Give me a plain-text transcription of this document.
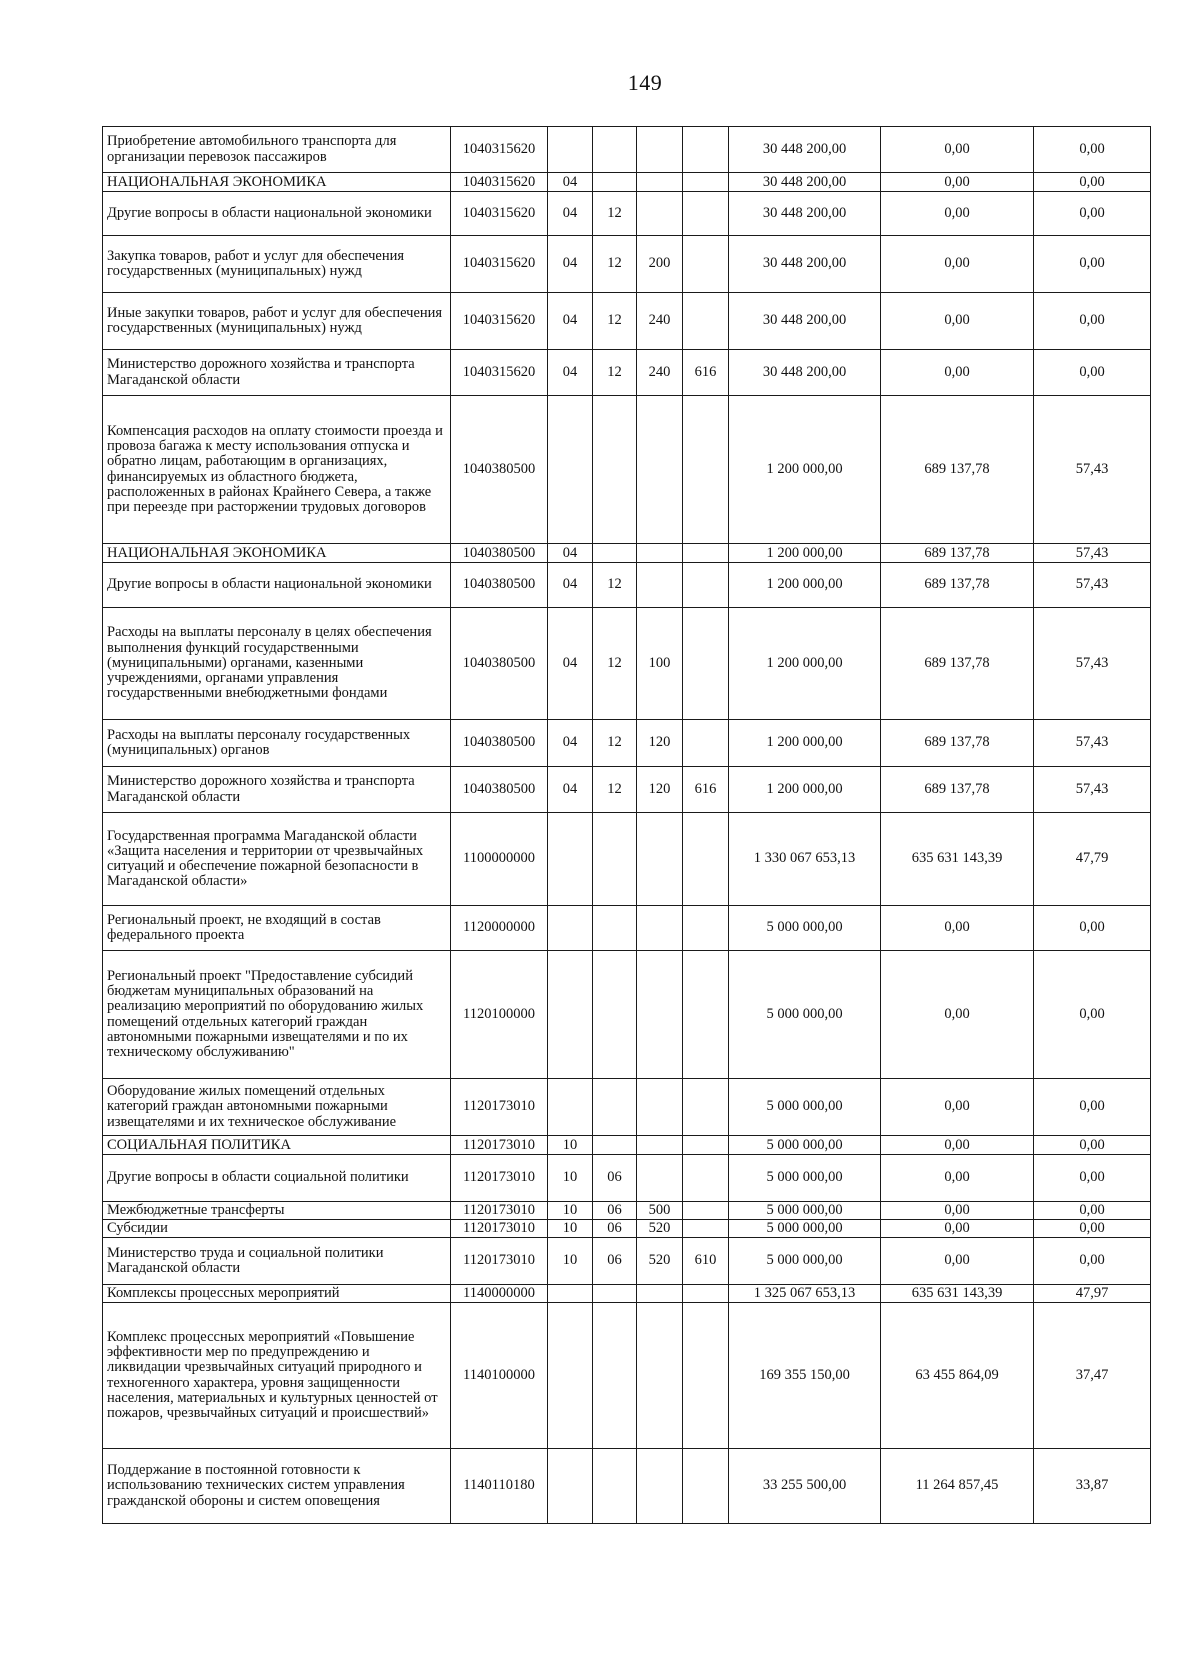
149
Приобретение автомобильного транспорта для организации перевозок пассажиров	1040315620					30 448 200,00	0,00	0,00
НАЦИОНАЛЬНАЯ ЭКОНОМИКА	1040315620	04				30 448 200,00	0,00	0,00
Другие вопросы в области национальной экономики	1040315620	04	12			30 448 200,00	0,00	0,00
Закупка товаров, работ и услуг для обеспечения государственных (муниципальных) нужд	1040315620	04	12	200		30 448 200,00	0,00	0,00
Иные закупки товаров, работ и услуг для обеспечения государственных (муниципальных) нужд	1040315620	04	12	240		30 448 200,00	0,00	0,00
Министерство дорожного хозяйства и транспорта Магаданской области	1040315620	04	12	240	616	30 448 200,00	0,00	0,00
Компенсация расходов на оплату стоимости проезда и провоза багажа к месту использования отпуска и обратно лицам, работающим в организациях, финансируемых из областного бюджета, расположенных в районах Крайнего Севера, а также при переезде при расторжении трудовых договоров	1040380500					1 200 000,00	689 137,78	57,43
НАЦИОНАЛЬНАЯ ЭКОНОМИКА	1040380500	04				1 200 000,00	689 137,78	57,43
Другие вопросы в области национальной экономики	1040380500	04	12			1 200 000,00	689 137,78	57,43
Расходы на выплаты персоналу в целях обеспечения выполнения функций государственными (муниципальными) органами, казенными учреждениями, органами управления государственными внебюджетными фондами	1040380500	04	12	100		1 200 000,00	689 137,78	57,43
Расходы на выплаты персоналу государственных (муниципальных) органов	1040380500	04	12	120		1 200 000,00	689 137,78	57,43
Министерство дорожного хозяйства и транспорта Магаданской области	1040380500	04	12	120	616	1 200 000,00	689 137,78	57,43
Государственная программа Магаданской области «Защита населения и территории от чрезвычайных ситуаций и обеспечение пожарной безопасности в Магаданской области»	1100000000					1 330 067 653,13	635 631 143,39	47,79
Региональный проект, не входящий в состав федерального проекта	1120000000					5 000 000,00	0,00	0,00
Региональный проект "Предоставление субсидий бюджетам муниципальных образований на реализацию мероприятий по оборудованию жилых помещений отдельных категорий граждан автономными пожарными извещателями и по их техническому обслуживанию"	1120100000					5 000 000,00	0,00	0,00
Оборудование жилых помещений отдельных категорий граждан автономными пожарными извещателями и их техническое обслуживание	1120173010					5 000 000,00	0,00	0,00
СОЦИАЛЬНАЯ ПОЛИТИКА	1120173010	10				5 000 000,00	0,00	0,00
Другие вопросы в области социальной политики	1120173010	10	06			5 000 000,00	0,00	0,00
Межбюджетные трансферты	1120173010	10	06	500		5 000 000,00	0,00	0,00
Субсидии	1120173010	10	06	520		5 000 000,00	0,00	0,00
Министерство труда и социальной политики Магаданской области	1120173010	10	06	520	610	5 000 000,00	0,00	0,00
Комплексы процессных мероприятий	1140000000					1 325 067 653,13	635 631 143,39	47,97
Комплекс процессных мероприятий «Повышение эффективности мер по предупреждению и ликвидации чрезвычайных ситуаций природного и техногенного характера, уровня защищенности населения, материальных и культурных ценностей от пожаров, чрезвычайных ситуаций и происшествий»	1140100000					169 355 150,00	63 455 864,09	37,47
Поддержание в постоянной готовности к использованию технических систем управления гражданской обороны и систем оповещения	1140110180					33 255 500,00	11 264 857,45	33,87
